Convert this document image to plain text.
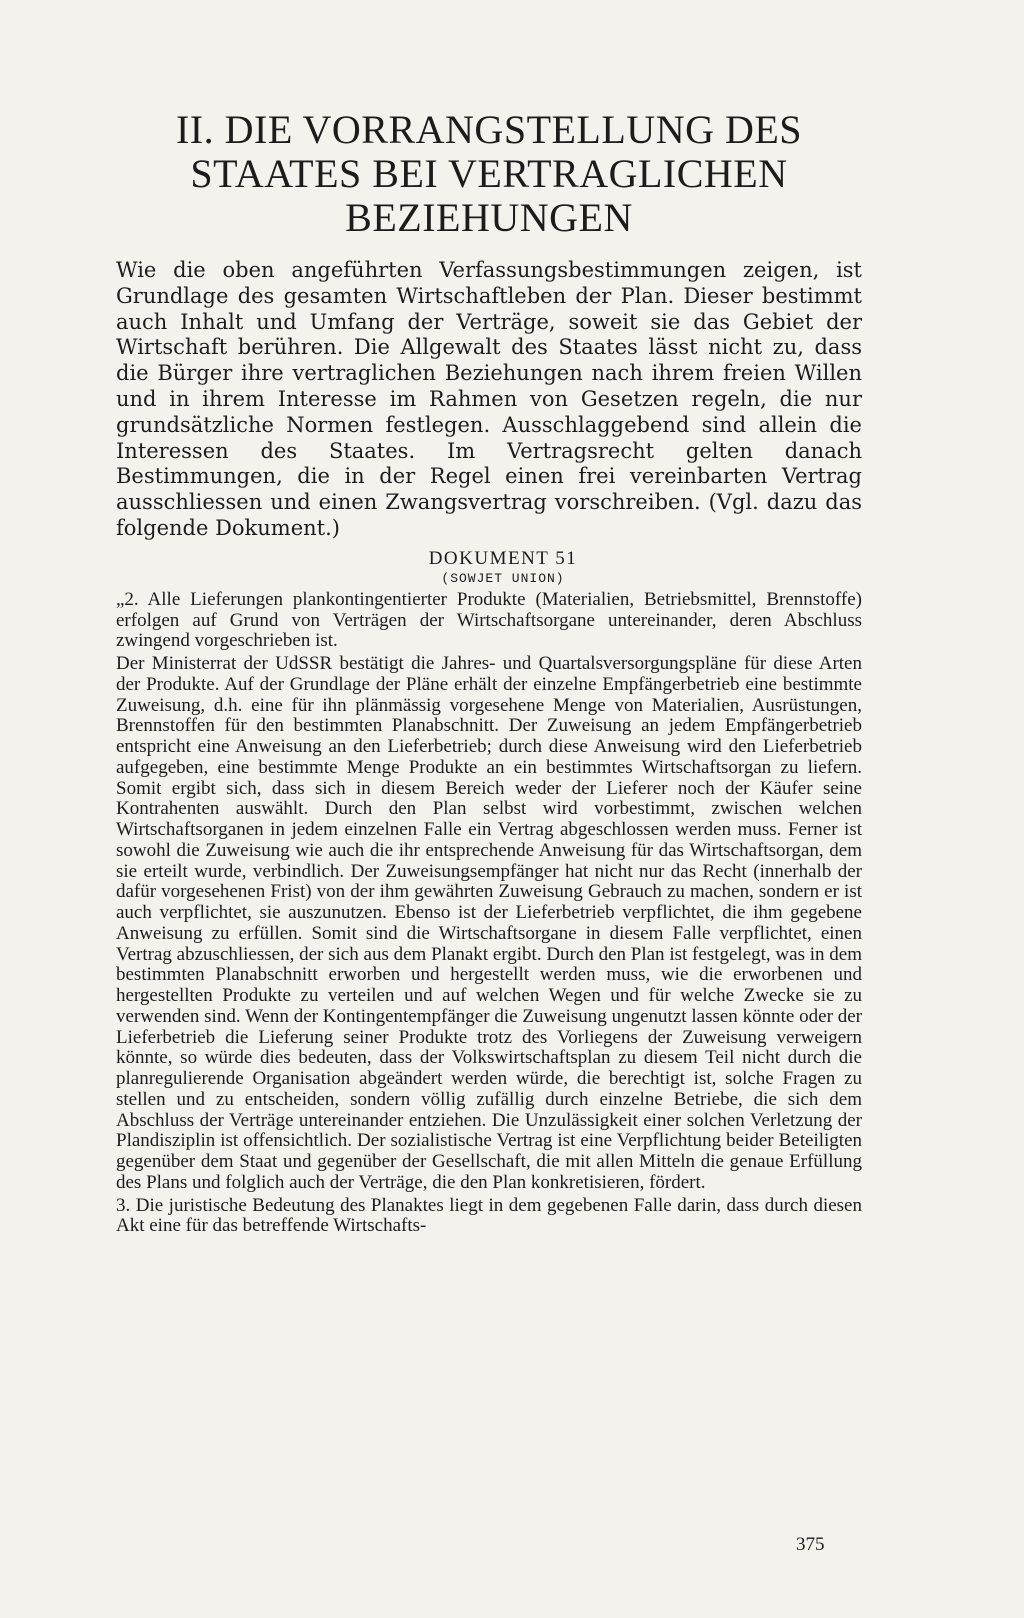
II. DIE VORRANGSTELLUNG DES
STAATES BEI VERTRAGLICHEN
BEZIEHUNGEN

Wie die oben angeführten Verfassungsbestimmungen zeigen, ist Grundlage des gesamten Wirtschaftleben der Plan. Dieser bestimmt auch Inhalt und Umfang der Verträge, soweit sie das Gebiet der Wirtschaft berühren. Die Allgewalt des Staates lässt nicht zu, dass die Bürger ihre vertraglichen Beziehungen nach ihrem freien Willen und in ihrem Interesse im Rahmen von Gesetzen regeln, die nur grundsätzliche Normen festlegen. Ausschlaggebend sind allein die Interessen des Staates. Im Vertragsrecht gelten danach Bestimmungen, die in der Regel einen frei vereinbarten Vertrag ausschliessen und einen Zwangsvertrag vorschreiben. (Vgl. dazu das folgende Dokument.)

DOKUMENT 51
(SOWJET UNION)

„2. Alle Lieferungen plankontingentierter Produkte (Materialien, Betriebsmittel, Brennstoffe) erfolgen auf Grund von Verträgen der Wirtschaftsorgane untereinander, deren Abschluss zwingend vorgeschrieben ist.

Der Ministerrat der UdSSR bestätigt die Jahres- und Quartalsversorgungspläne für diese Arten der Produkte. Auf der Grundlage der Pläne erhält der einzelne Empfängerbetrieb eine bestimmte Zuweisung, d.h. eine für ihn plänmässig vorgesehene Menge von Materialien, Ausrüstungen, Brennstoffen für den bestimmten Planabschnitt. Der Zuweisung an jedem Empfängerbetrieb entspricht eine Anweisung an den Lieferbetrieb; durch diese Anweisung wird den Lieferbetrieb aufgegeben, eine bestimmte Menge Produkte an ein bestimmtes Wirtschaftsorgan zu liefern. Somit ergibt sich, dass sich in diesem Bereich weder der Lieferer noch der Käufer seine Kontrahenten auswählt. Durch den Plan selbst wird vorbestimmt, zwischen welchen Wirtschaftsorganen in jedem einzelnen Falle ein Vertrag abgeschlossen werden muss. Ferner ist sowohl die Zuweisung wie auch die ihr entsprechende Anweisung für das Wirtschaftsorgan, dem sie erteilt wurde, verbindlich. Der Zuweisungsempfänger hat nicht nur das Recht (innerhalb der dafür vorgesehenen Frist) von der ihm gewährten Zuweisung Gebrauch zu machen, sondern er ist auch verpflichtet, sie auszunutzen. Ebenso ist der Lieferbetrieb verpflichtet, die ihm gegebene Anweisung zu erfüllen. Somit sind die Wirtschaftsorgane in diesem Falle verpflichtet, einen Vertrag abzuschliessen, der sich aus dem Planakt ergibt. Durch den Plan ist festgelegt, was in dem bestimmten Planabschnitt erworben und hergestellt werden muss, wie die erworbenen und hergestellten Produkte zu verteilen und auf welchen Wegen und für welche Zwecke sie zu verwenden sind. Wenn der Kontingentempfänger die Zuweisung ungenutzt lassen könnte oder der Lieferbetrieb die Lieferung seiner Produkte trotz des Vorliegens der Zuweisung verweigern könnte, so würde dies bedeuten, dass der Volkswirtschaftsplan zu diesem Teil nicht durch die planregulierende Organisation abgeändert werden würde, die berechtigt ist, solche Fragen zu stellen und zu entscheiden, sondern völlig zufällig durch einzelne Betriebe, die sich dem Abschluss der Verträge untereinander entziehen. Die Unzulässigkeit einer solchen Verletzung der Plandisziplin ist offensichtlich. Der sozialistische Vertrag ist eine Verpflichtung beider Beteiligten gegenüber dem Staat und gegenüber der Gesellschaft, die mit allen Mitteln die genaue Erfüllung des Plans und folglich auch der Verträge, die den Plan konkretisieren, fördert.

3. Die juristische Bedeutung des Planaktes liegt in dem gegebenen Falle darin, dass durch diesen Akt eine für das betreffende Wirtschafts-

375
